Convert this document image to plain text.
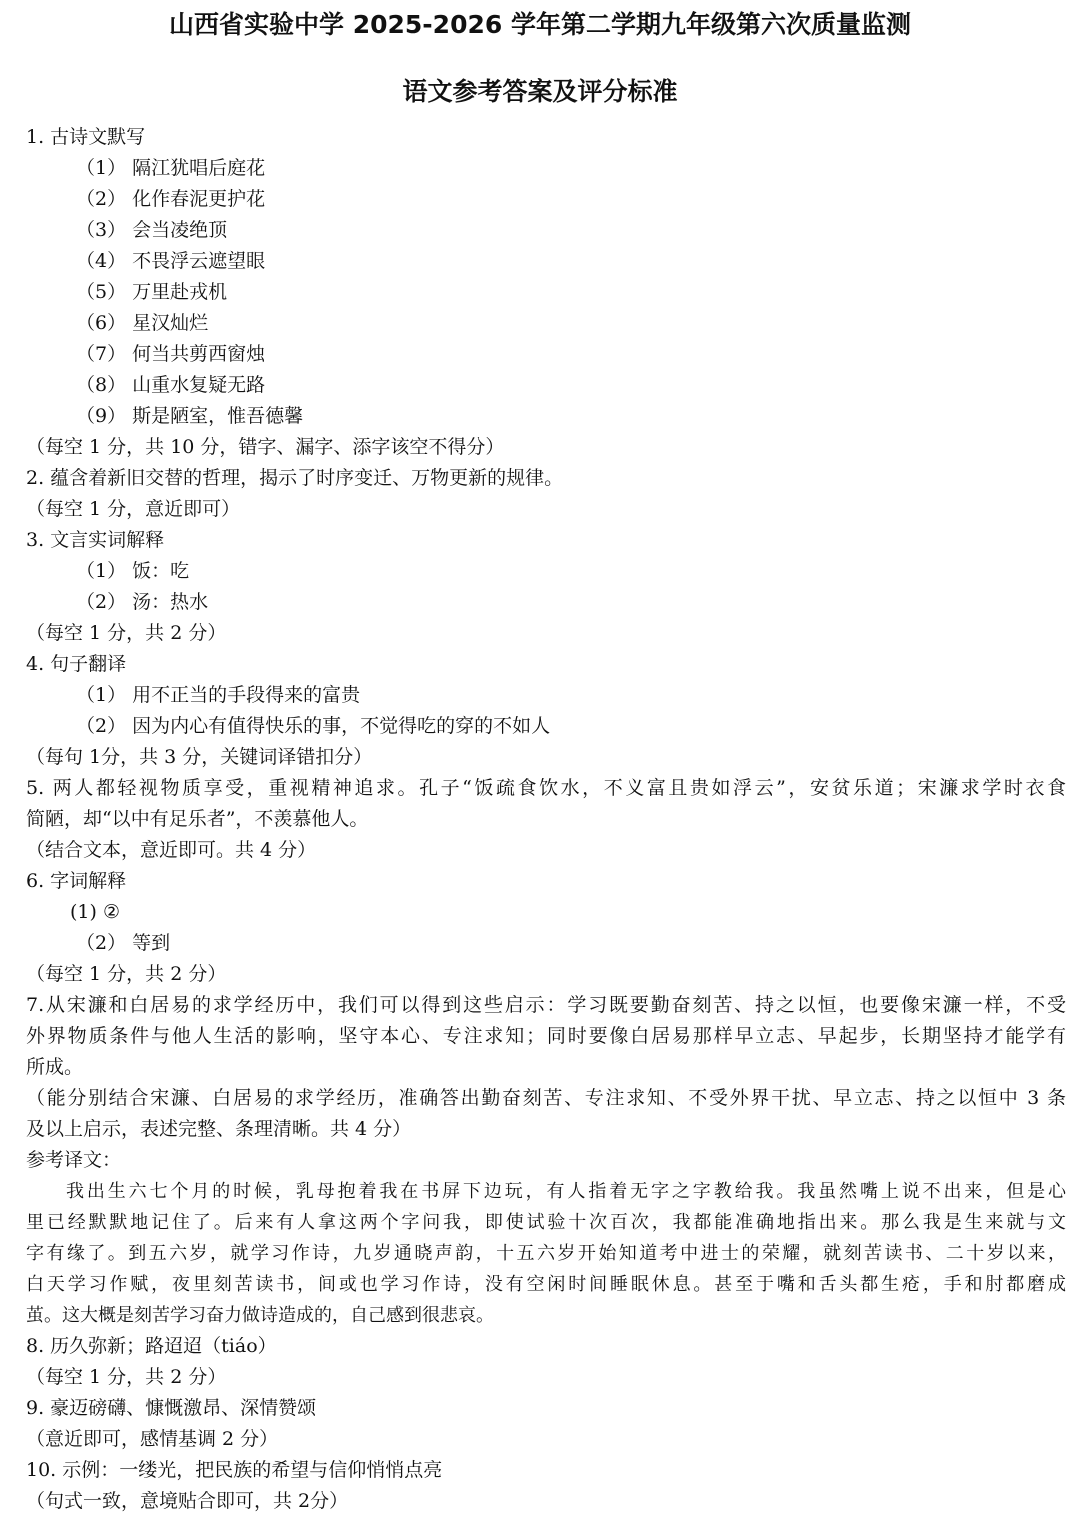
山西省实验中学 2025-2026 学年第二学期九年级第六次质量监测
语文参考答案及评分标准
1. 古诗文默写
（1） 隔江犹唱后庭花
（2） 化作春泥更护花
（3） 会当凌绝顶
（4） 不畏浮云遮望眼
（5） 万里赴戎机
（6） 星汉灿烂
（7） 何当共剪西窗烛
（8） 山重水复疑无路
（9） 斯是陋室，惟吾德馨
（每空 1 分，共 10 分，错字、漏字、添字该空不得分）
2. 蕴含着新旧交替的哲理，揭示了时序变迁、万物更新的规律。
（每空 1 分，意近即可）
3. 文言实词解释
（1） 饭：吃
（2） 汤：热水
（每空 1 分，共 2 分）
4. 句子翻译
（1） 用不正当的手段得来的富贵
（2） 因为内心有值得快乐的事，不觉得吃的穿的不如人
（每句 1分，共 3 分，关键词译错扣分）
5. 两人都轻视物质享受，重视精神追求。孔子“饭疏食饮水，不义富且贵如浮云”，安贫乐道；宋濂求学时衣食
简陋，却“以中有足乐者”，不羡慕他人。
（结合文本，意近即可。共 4 分）
6. 字词解释
(1) ②
（2） 等到
（每空 1 分，共 2 分）
7.从宋濂和白居易的求学经历中，我们可以得到这些启示：学习既要勤奋刻苦、持之以恒，也要像宋濂一样，不受
外界物质条件与他人生活的影响，坚守本心、专注求知；同时要像白居易那样早立志、早起步，长期坚持才能学有
所成。
（能分别结合宋濂、白居易的求学经历，准确答出勤奋刻苦、专注求知、不受外界干扰、早立志、持之以恒中 3 条
及以上启示，表述完整、条理清晰。共 4 分）
参考译文：
我出生六七个月的时候，乳母抱着我在书屏下边玩，有人指着无字之字教给我。我虽然嘴上说不出来，但是心
里已经默默地记住了。后来有人拿这两个字问我，即使试验十次百次，我都能准确地指出来。那么我是生来就与文
字有缘了。到五六岁，就学习作诗，九岁通晓声韵，十五六岁开始知道考中进士的荣耀，就刻苦读书、二十岁以来，
白天学习作赋，夜里刻苦读书，间或也学习作诗，没有空闲时间睡眠休息。甚至于嘴和舌头都生疮，手和肘都磨成
茧。这大概是刻苦学习奋力做诗造成的，自己感到很悲哀。
8. 历久弥新；路迢迢（tiáo）
（每空 1 分，共 2 分）
9. 豪迈磅礴、慷慨激昂、深情赞颂
（意近即可，感情基调 2 分）
10. 示例：一缕光，把民族的希望与信仰悄悄点亮
（句式一致，意境贴合即可，共 2分）
